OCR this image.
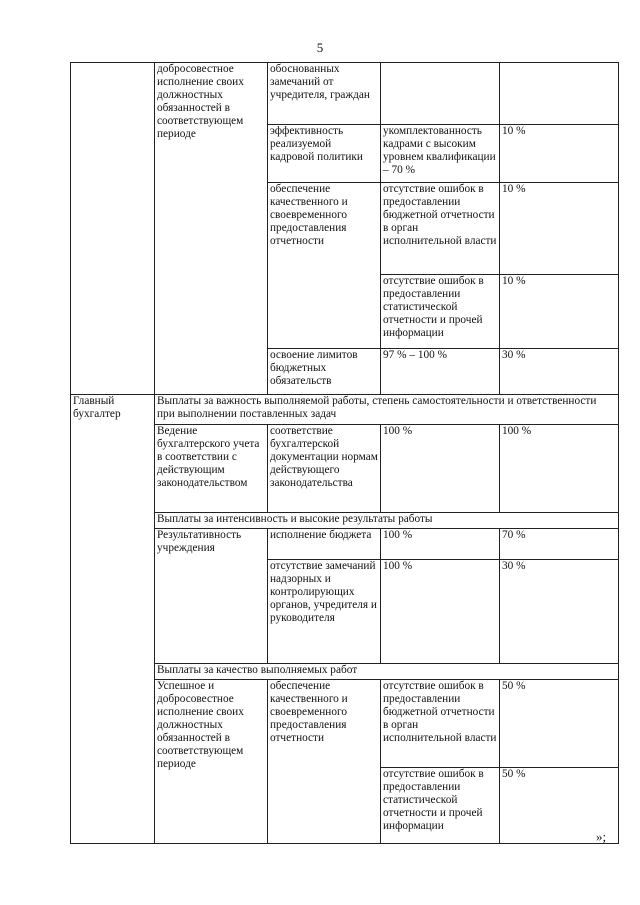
5
	добросовестное исполнение своих должностных обязанностей в соответствующем периоде	обоснованных замечаний от учредителя, граждан		
		эффективность реализуемой кадровой политики	укомплектованность кадрами с высоким уровнем квалификации – 70 %	10 %
		обеспечение качественного и своевременного предоставления отчетности	отсутствие ошибок в предоставлении бюджетной отчетности в орган исполнительной власти	10 %
			отсутствие ошибок в предоставлении статистической отчетности и прочей информации	10 %
		освоение лимитов бюджетных обязательств	97 % – 100 %	30 %
Главный бухгалтер	Выплаты за важность выполняемой работы, степень самостоятельности и ответственности при выполнении поставленных задач			
	Ведение бухгалтерского учета в соответствии с действующим законодательством	соответствие бухгалтерской документации нормам действующего законодательства	100 %	100 %
	Выплаты за интенсивность и высокие результаты работы			
	Результативность учреждения	исполнение бюджета	100 %	70 %
		отсутствие замечаний надзорных и контролирующих органов, учредителя и руководителя	100 %	30 %
	Выплаты за качество выполняемых работ			
	Успешное и добросовестное исполнение своих должностных обязанностей в соответствующем периоде	обеспечение качественного и своевременного предоставления отчетности	отсутствие ошибок в предоставлении бюджетной отчетности в орган исполнительной власти	50 %
			отсутствие ошибок в предоставлении статистической отчетности и прочей информации	50 %
»;
